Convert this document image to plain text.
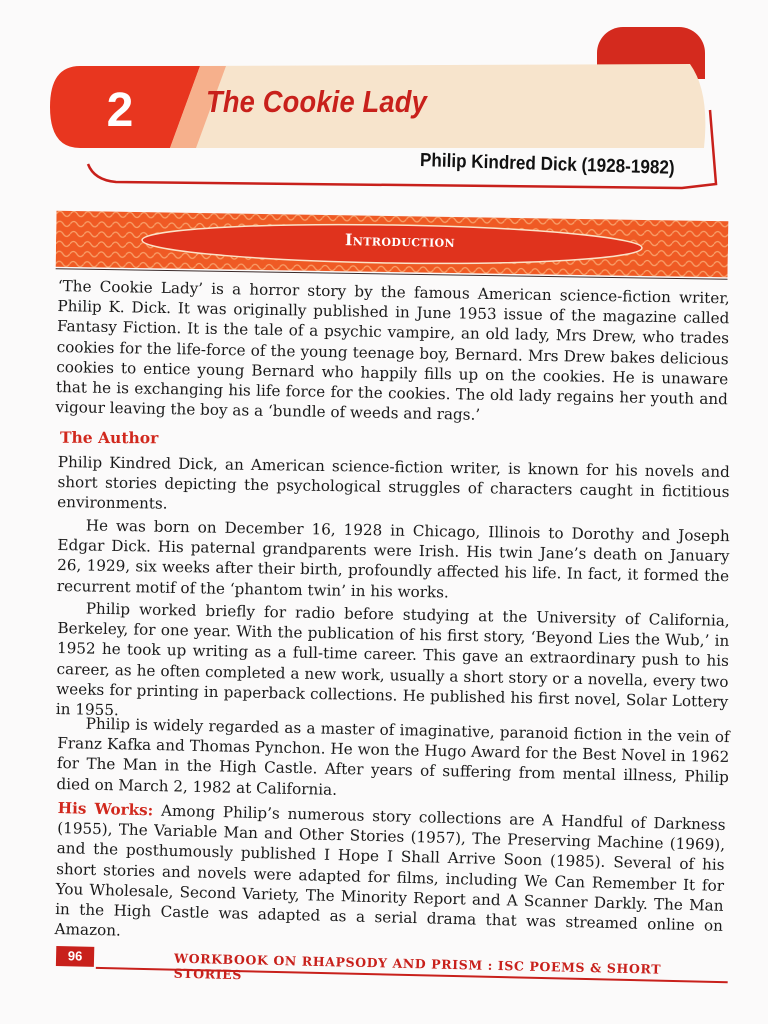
2	The Cookie Lady
Philip Kindred Dick (1928-1982)
Introduction

‘The Cookie Lady’ is a horror story by the famous American science-fiction writer, Philip K. Dick. It was originally published in June 1953 issue of the magazine called Fantasy Fiction. It is the tale of a psychic vampire, an old lady, Mrs Drew, who trades cookies for the life-force of the young teenage boy, Bernard. Mrs Drew bakes delicious cookies to entice young Bernard who happily fills up on the cookies. He is unaware that he is exchanging his life force for the cookies. The old lady regains her youth and vigour leaving the boy as a ‘bundle of weeds and rags.’

The Author

Philip Kindred Dick, an American science-fiction writer, is known for his novels and short stories depicting the psychological struggles of characters caught in fictitious environments.

He was born on December 16, 1928 in Chicago, Illinois to Dorothy and Joseph Edgar Dick. His paternal grandparents were Irish. His twin Jane’s death on January 26, 1929, six weeks after their birth, profoundly affected his life. In fact, it formed the recurrent motif of the ‘phantom twin’ in his works.

Philip worked briefly for radio before studying at the University of California, Berkeley, for one year. With the publication of his first story, ‘Beyond Lies the Wub,’ in 1952 he took up writing as a full-time career. This gave an extraordinary push to his career, as he often completed a new work, usually a short story or a novella, every two weeks for printing in paperback collections. He published his first novel, Solar Lottery in 1955.

Philip is widely regarded as a master of imaginative, paranoid fiction in the vein of Franz Kafka and Thomas Pynchon. He won the Hugo Award for the Best Novel in 1962 for The Man in the High Castle. After years of suffering from mental illness, Philip died on March 2, 1982 at California.

His Works: Among Philip’s numerous story collections are A Handful of Darkness (1955), The Variable Man and Other Stories (1957), The Preserving Machine (1969), and the posthumously published I Hope I Shall Arrive Soon (1985). Several of his short stories and novels were adapted for films, including We Can Remember It for You Wholesale, Second Variety, The Minority Report and A Scanner Darkly. The Man in the High Castle was adapted as a serial drama that was streamed online on Amazon.

96	WORKBOOK ON RHAPSODY AND PRISM : ISC POEMS & SHORT STORIES
